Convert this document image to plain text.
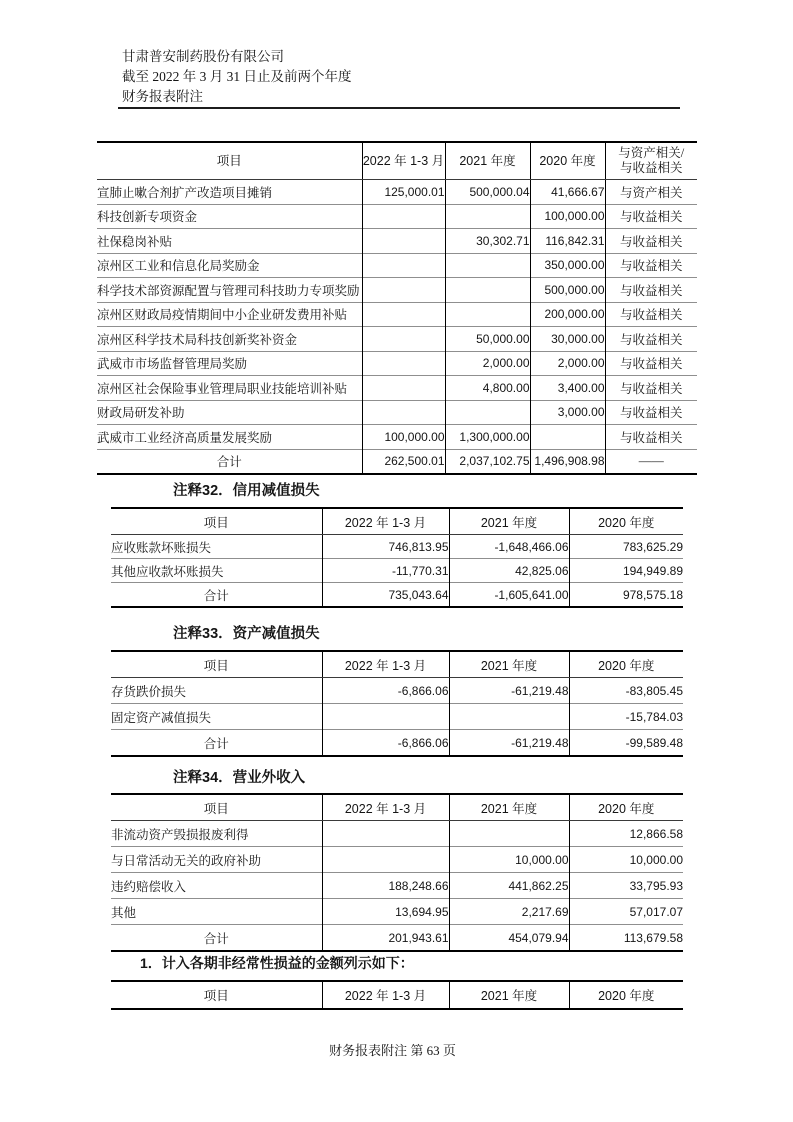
甘肃普安制药股份有限公司
截至 2022 年 3 月 31 日止及前两个年度
财务报表附注
项目	2022 年 1-3 月	2021 年度	2020 年度	与资产相关/
与收益相关
宣肺止嗽合剂扩产改造项目摊销	125,000.01	500,000.04	41,666.67	与资产相关
科技创新专项资金			100,000.00	与收益相关
社保稳岗补贴		30,302.71	116,842.31	与收益相关
凉州区工业和信息化局奖励金			350,000.00	与收益相关
科学技术部资源配置与管理司科技助力专项奖励			500,000.00	与收益相关
凉州区财政局疫情期间中小企业研发费用补贴			200,000.00	与收益相关
凉州区科学技术局科技创新奖补资金		50,000.00	30,000.00	与收益相关
武威市市场监督管理局奖励		2,000.00	2,000.00	与收益相关
凉州区社会保险事业管理局职业技能培训补贴		4,800.00	3,400.00	与收益相关
财政局研发补助			3,000.00	与收益相关
武威市工业经济高质量发展奖励	100,000.00	1,300,000.00		与收益相关
合计	262,500.01	2,037,102.75	1,496,908.98	——
注释32．信用减值损失
项目	2022 年 1-3 月	2021 年度	2020 年度
应收账款坏账损失	746,813.95	-1,648,466.06	783,625.29
其他应收款坏账损失	-11,770.31	42,825.06	194,949.89
合计	735,043.64	-1,605,641.00	978,575.18
注释33．资产减值损失
项目	2022 年 1-3 月	2021 年度	2020 年度
存货跌价损失	-6,866.06	-61,219.48	-83,805.45
固定资产减值损失			-15,784.03
合计	-6,866.06	-61,219.48	-99,589.48
注释34．营业外收入
项目	2022 年 1-3 月	2021 年度	2020 年度
非流动资产毁损报废利得			12,866.58
与日常活动无关的政府补助		10,000.00	10,000.00
违约赔偿收入	188,248.66	441,862.25	33,795.93
其他	13,694.95	2,217.69	57,017.07
合计	201,943.61	454,079.94	113,679.58
1．计入各期非经常性损益的金额列示如下：
项目	2022 年 1-3 月	2021 年度	2020 年度
财务报表附注 第 63 页
